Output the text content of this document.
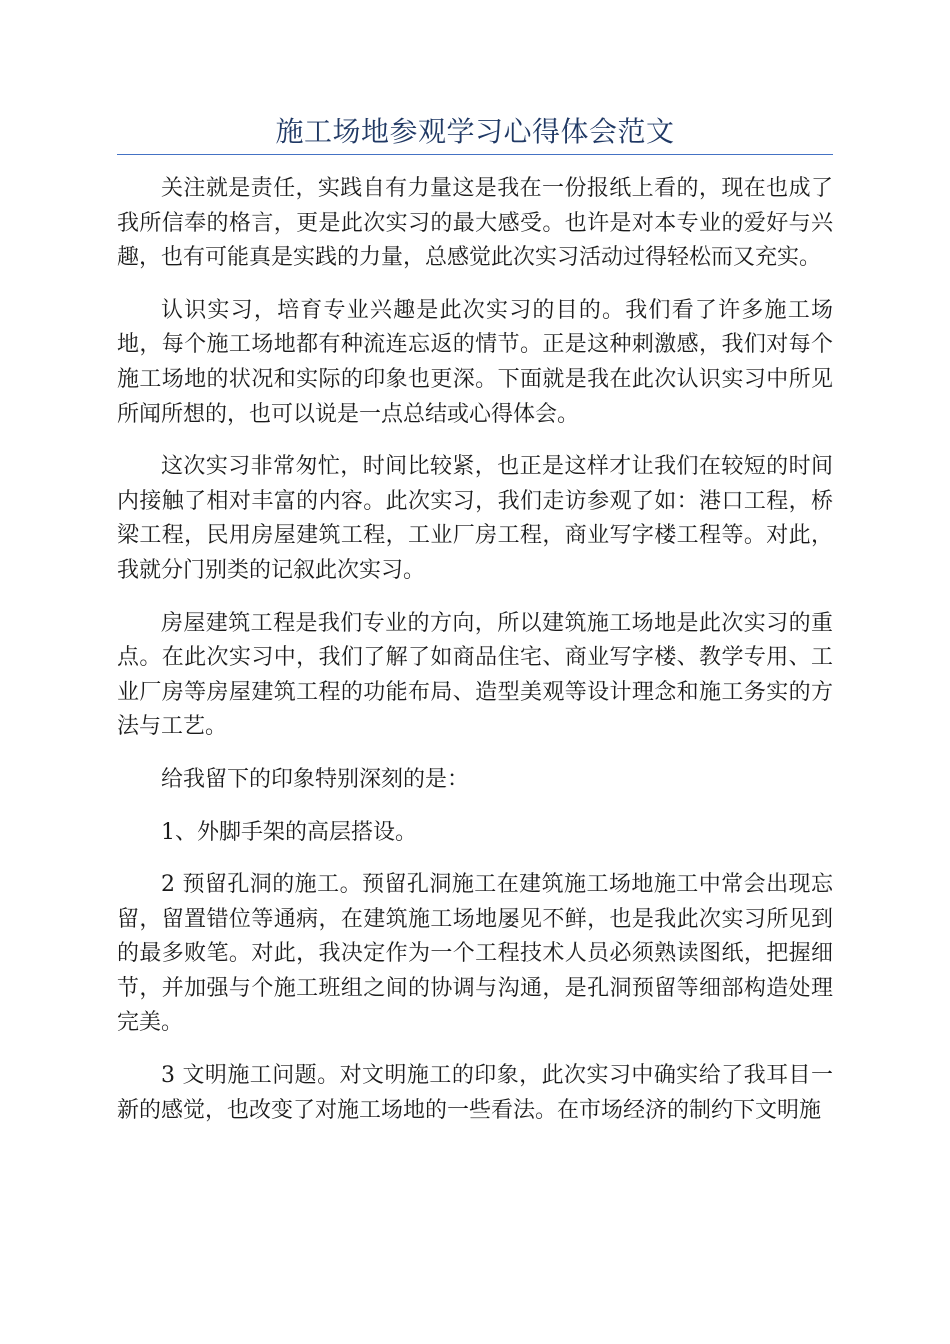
施工场地参观学习心得体会范文

关注就是责任，实践自有力量这是我在一份报纸上看的，现在也成了我所信奉的格言，更是此次实习的最大感受。也许是对本专业的爱好与兴趣，也有可能真是实践的力量，总感觉此次实习活动过得轻松而又充实。

认识实习，培育专业兴趣是此次实习的目的。我们看了许多施工场地，每个施工场地都有种流连忘返的情节。正是这种刺激感，我们对每个施工场地的状况和实际的印象也更深。下面就是我在此次认识实习中所见所闻所想的，也可以说是一点总结或心得体会。

这次实习非常匆忙，时间比较紧，也正是这样才让我们在较短的时间内接触了相对丰富的内容。此次实习，我们走访参观了如：港口工程，桥梁工程，民用房屋建筑工程，工业厂房工程，商业写字楼工程等。对此，我就分门别类的记叙此次实习。

房屋建筑工程是我们专业的方向，所以建筑施工场地是此次实习的重点。在此次实习中，我们了解了如商品住宅、商业写字楼、教学专用、工业厂房等房屋建筑工程的功能布局、造型美观等设计理念和施工务实的方法与工艺。

给我留下的印象特别深刻的是：

1、外脚手架的高层搭设。

2 预留孔洞的施工。预留孔洞施工在建筑施工场地施工中常会出现忘留，留置错位等通病，在建筑施工场地屡见不鲜，也是我此次实习所见到的最多败笔。对此，我决定作为一个工程技术人员必须熟读图纸，把握细节，并加强与个施工班组之间的协调与沟通，是孔洞预留等细部构造处理完美。

3 文明施工问题。对文明施工的印象，此次实习中确实给了我耳目一新的感觉，也改变了对施工场地的一些看法。在市场经济的制约下文明施
